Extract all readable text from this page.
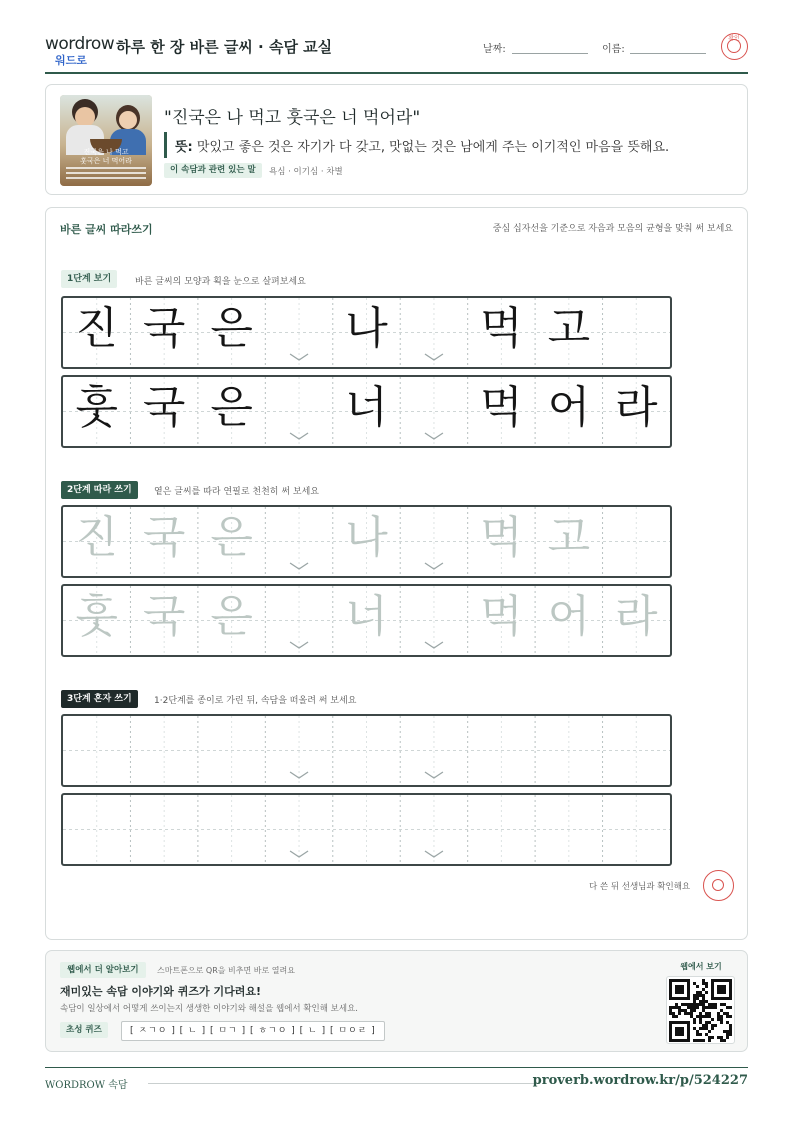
wordrow
워드로
하루 한 장 바른 글씨 · 속담 교실	날짜:	이름:
확인
진국은 나 먹고
훗국은 너 먹어라
"진국은 나 먹고 훗국은 너 먹어라"
뜻: 맛있고 좋은 것은 자기가 다 갖고, 맛없는 것은 남에게 주는 이기적인 마음을 뜻해요.
이 속담과 관련 있는 말	욕심 · 이기심 · 차별
바른 글씨 따라쓰기	중심 십자선을 기준으로 자음과 모음의 균형을 맞춰 써 보세요
1단계 보기	바른 글씨의 모양과 획을 눈으로 살펴보세요
진 국 은 나 먹 고
훗 국 은 너 먹 어 라
2단계 따라 쓰기	옅은 글씨를 따라 연필로 천천히 써 보세요
진 국 은 나 먹 고
훗 국 은 너 먹 어 라
3단계 혼자 쓰기	1·2단계를 종이로 가린 뒤, 속담을 떠올려 써 보세요
다 쓴 뒤 선생님과 확인해요
웹에서 더 알아보기	스마트폰으로 QR을 비추면 바로 열려요
재미있는 속담 이야기와 퀴즈가 기다려요!
속담이 일상에서 어떻게 쓰이는지 생생한 이야기와 해설을 웹에서 확인해 보세요.
초성 퀴즈	[ ㅈㄱㅇ ] [ ㄴ ] [ ㅁㄱ ] [ ㅎㄱㅇ ] [ ㄴ ] [ ㅁㅇㄹ ]
웹에서 보기
WORDROW 속담	proverb.wordrow.kr/p/524227
